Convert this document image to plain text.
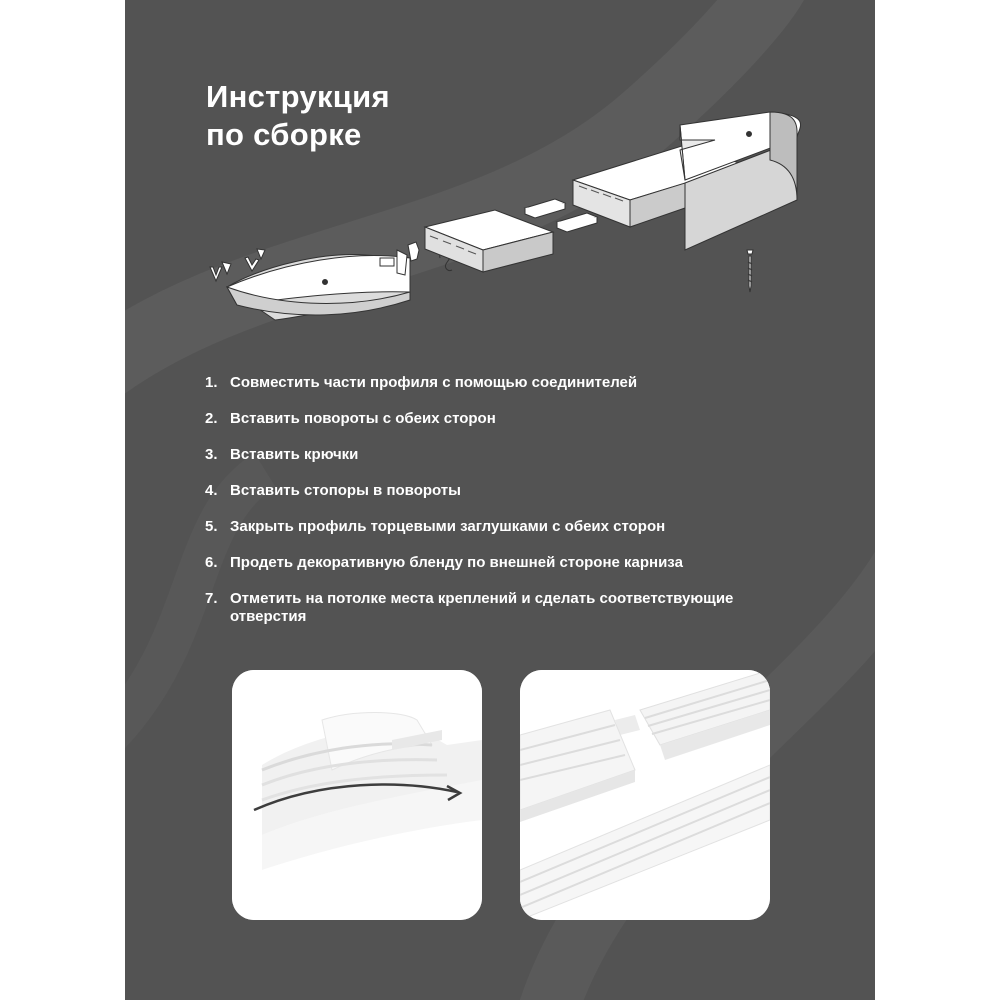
Инструкция
по сборке
1. Совместить части профиля с помощью соединителей
2. Вставить повороты с обеих сторон
3. Вставить крючки
4. Вставить стопоры в повороты
5. Закрыть профиль торцевыми заглушками с обеих сторон
6. Продеть декоративную бленду по внешней стороне карниза
7. Отметить на потолке места креплений и сделать соответствующие отверстия
